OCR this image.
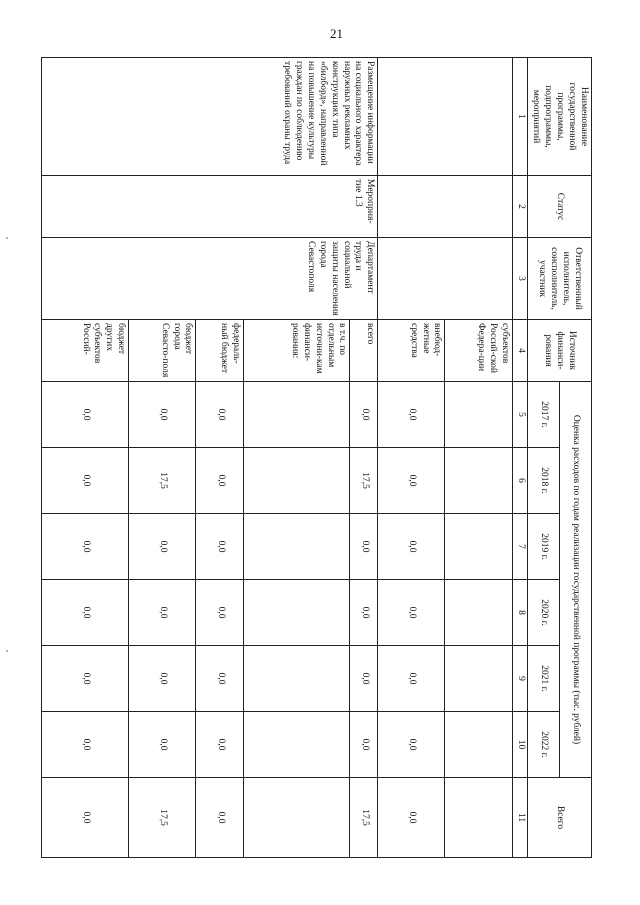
21
Наименование государственной программы, подпрограммы, мероприятий	Статус	Ответственный исполнитель, соисполнитель, участник	Источник финанси-рования	Оценка расходов по годам реализации государственной программы (тыс. рублей)						Всего
				2017 г.	2018 г.	2019 г.	2020 г.	2021 г.	2022 г.	
1	2	3	4	5	6	7	8	9	10	11
			субъектов Россий-ской Федера-ции							
			внебюд-жетные средства	0,0	0,0	0,0	0,0	0,0	0,0	0,0
Размещение информации на социального характера наружных рекламных конструкциях типа «билборд», направленной на повышение культуры граждан по соблюдению требований охраны труда	Мероприя-тие 1.3	Департамент труда и социальной защиты населения города Севастополя	всего	0,0	17,5	0,0	0,0	0,0	0,0	17,5
			в т.ч. по отдельным источни-кам финанси-рования:							
			федераль-ный бюджет	0,0	0,0	0,0	0,0	0,0	0,0	0,0
			бюджет города Севасто-поля	0,0	17,5	0,0	0,0	0,0	0,0	17,5
			бюджет других субъектов Россий-	0,0	0,0	0,0	0,0	0,0	0,0	0,0
